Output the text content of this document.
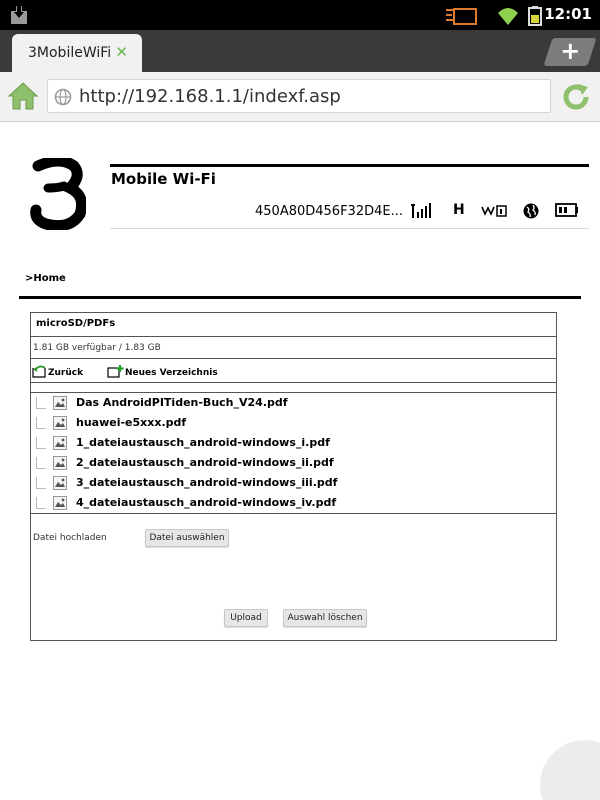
12:01
3MobileWiFi ✕	+
http://192.168.1.1/indexf.asp
Mobile Wi-Fi
450A80D456F32D4E...	H
>Home
microSD/PDFs
1.81 GB verfügbar / 1.83 GB
Zurück	Neues Verzeichnis
Das AndroidPITiden-Buch_V24.pdf
huawei-e5xxx.pdf
1_dateiaustausch_android-windows_i.pdf
2_dateiaustausch_android-windows_ii.pdf
3_dateiaustausch_android-windows_iii.pdf
4_dateiaustausch_android-windows_iv.pdf
Datei hochladen	Datei auswählen
Upload	Auswahl löschen
